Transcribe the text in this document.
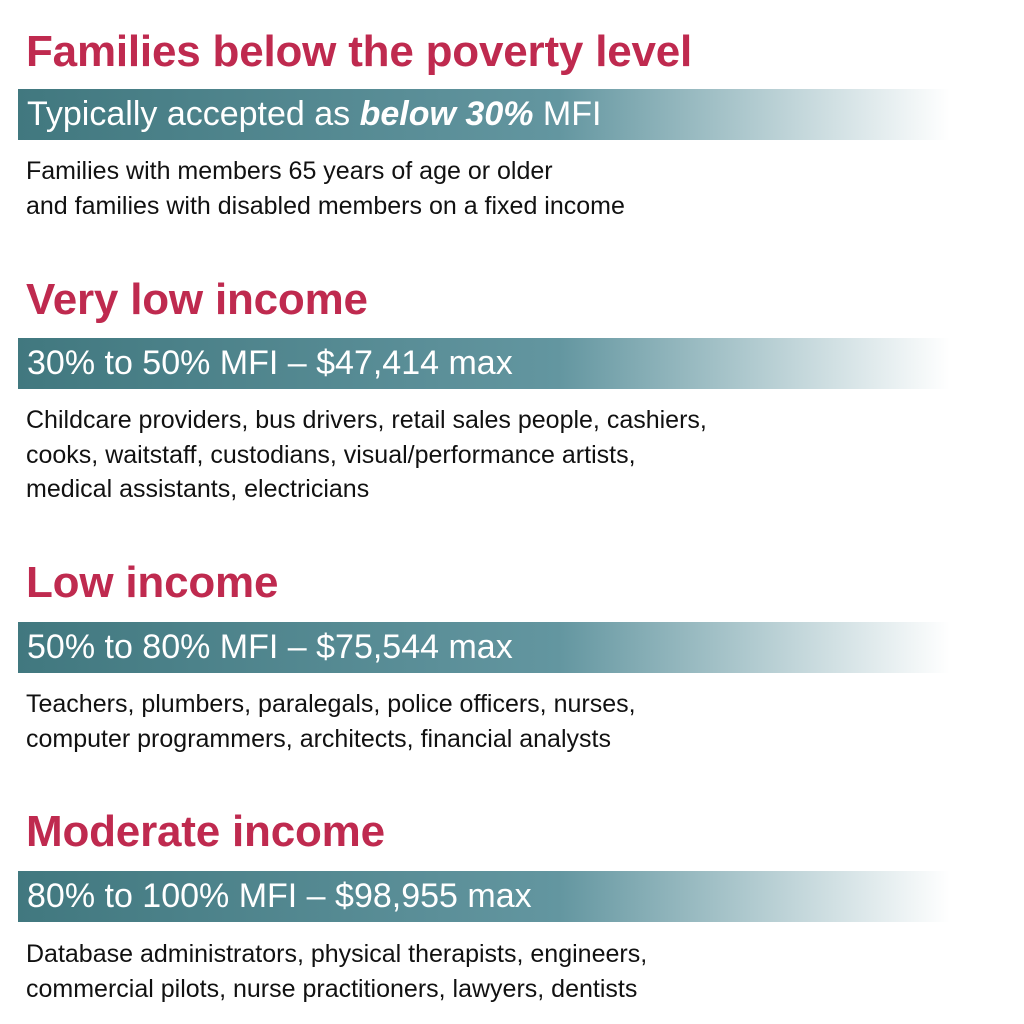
Families below the poverty level
Typically accepted as below 30% MFI

Families with members 65 years of age or older
and families with disabled members on a fixed income

Very low income
30% to 50% MFI – $47,414 max

Childcare providers, bus drivers, retail sales people, cashiers,
cooks, waitstaff, custodians, visual/performance artists,
medical assistants, electricians

Low income
50% to 80% MFI – $75,544 max

Teachers, plumbers, paralegals, police officers, nurses,
computer programmers, architects, financial analysts

Moderate income
80% to 100% MFI – $98,955 max

Database administrators, physical therapists, engineers,
commercial pilots, nurse practitioners, lawyers, dentists
